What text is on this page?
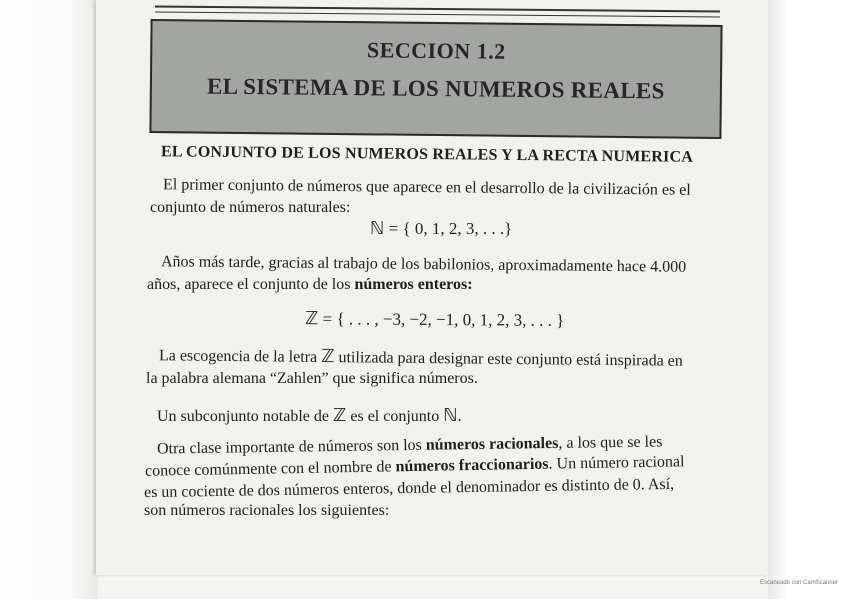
SECCION 1.2
EL SISTEMA DE LOS NUMEROS REALES
EL CONJUNTO DE LOS NUMEROS REALES Y LA RECTA NUMERICA
El primer conjunto de números que aparece en el desarrollo de la civilización es el
conjunto de números naturales:
ℕ = { 0, 1, 2, 3, . . .}
Años más tarde, gracias al trabajo de los babilonios, aproximadamente hace 4.000
años, aparece el conjunto de los números enteros:
ℤ = { . . . , −3, −2, −1, 0, 1, 2, 3, . . . }
La escogencia de la letra ℤ utilizada para designar este conjunto está inspirada en
la palabra alemana “Zahlen” que significa números.
Un subconjunto notable de ℤ es el conjunto ℕ.
Otra clase importante de números son los números racionales, a los que se les
conoce comúnmente con el nombre de números fraccionarios. Un número racional
es un cociente de dos números enteros, donde el denominador es distinto de 0. Así,
son números racionales los siguientes:
Escaneado con CamScanner
